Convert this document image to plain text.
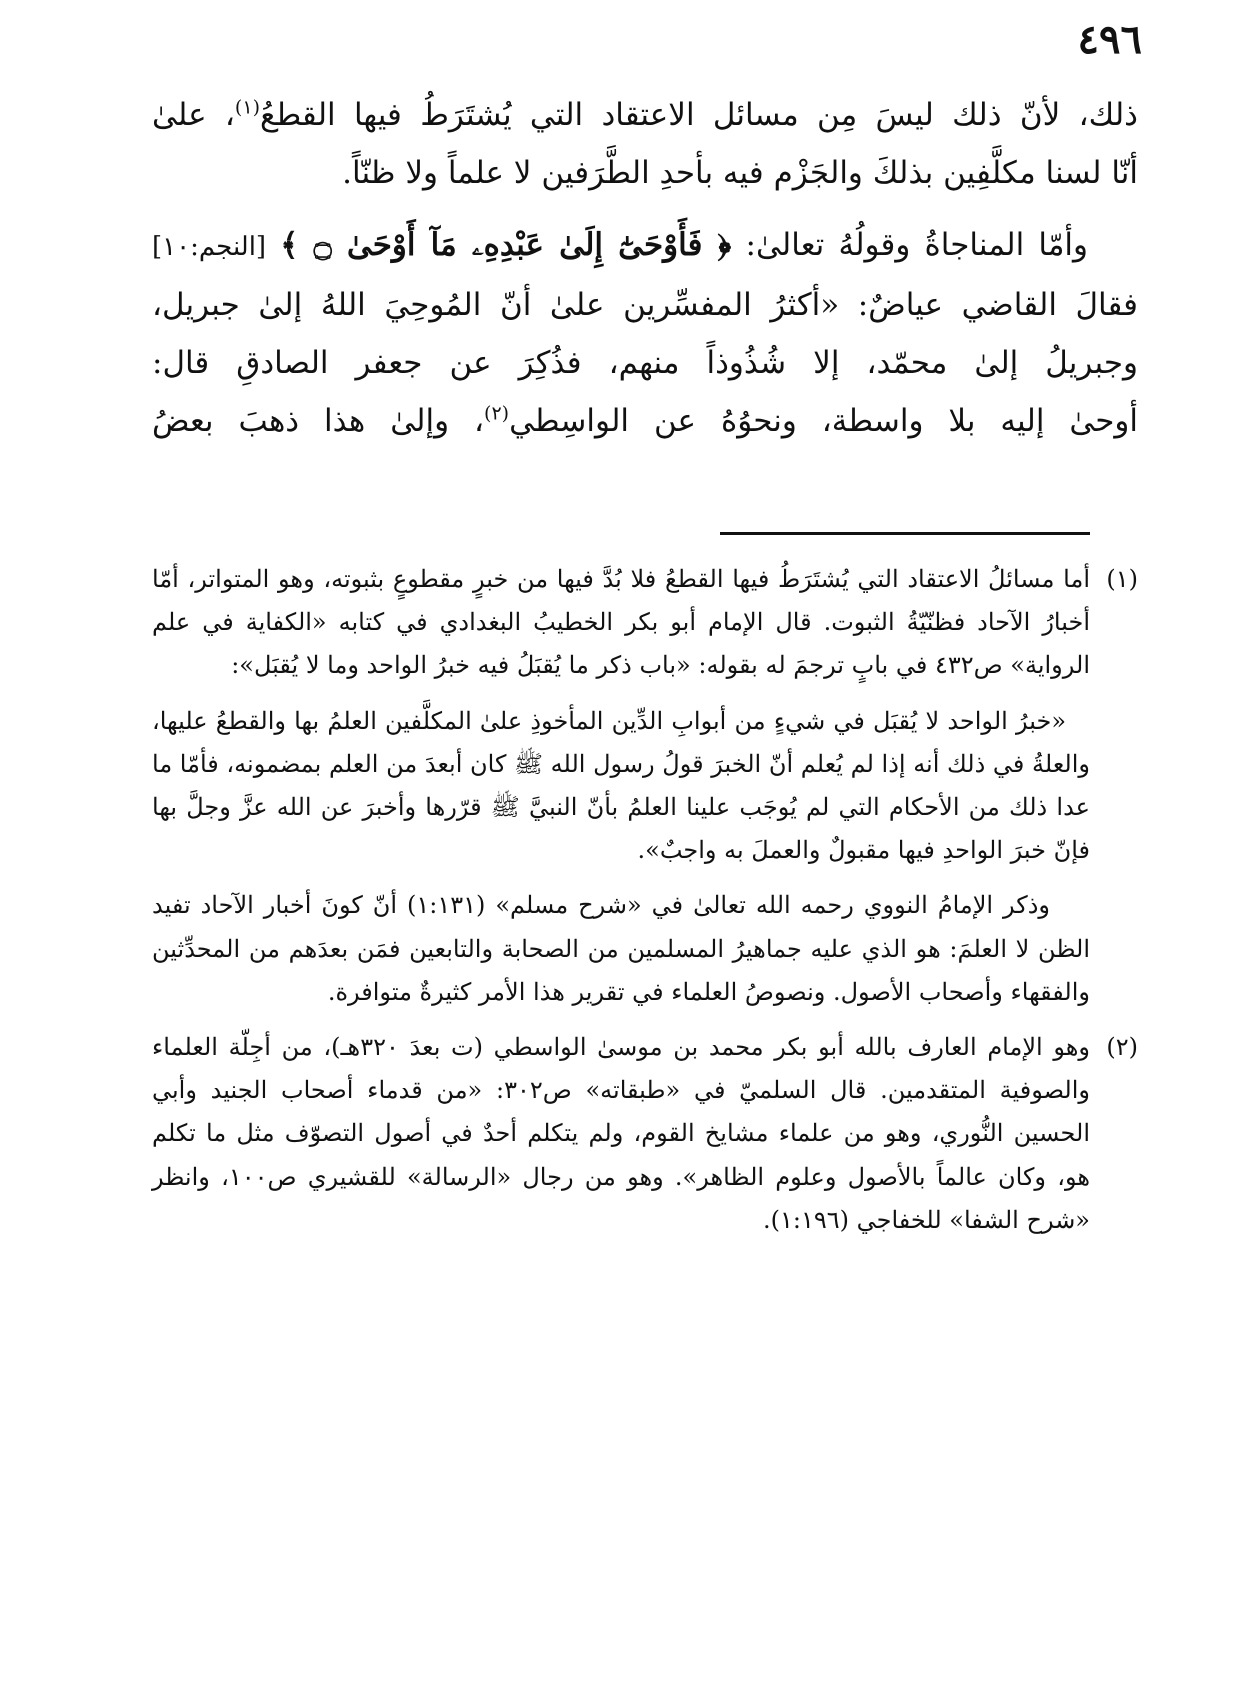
٤٩٦

ذلك، لأنّ ذلك ليسَ مِن مسائل الاعتقاد التي يُشتَرَطُ فيها القطعُ$^{(١)}$، علىٰ

أنّا لسنا مكلَّفِين بذلكَ والجَزْم فيه بأحدِ الطَّرَفين لا علماً ولا ظنّاً.

وأمّا المناجاةُ وقولُهُ تعالىٰ: ﴿ فَأَوْحَىٰٓ إِلَىٰ عَبْدِهِۦ مَآ أَوْحَىٰ ۝ ﴾ [النجم:١٠]

فقالَ القاضي عياضٌ: «أكثرُ المفسِّرين علىٰ أنّ المُوحِيَ اللهُ إلىٰ جبريل،

وجبريلُ إلىٰ محمّد، إلا شُذُوذاً منهم، فذُكِرَ عن جعفر الصادقِ قال:

أوحىٰ إليه بلا واسطة، ونحوُهُ عن الواسِطي$^{(٢)}$، وإلىٰ هذا ذهبَ بعضُ

(١)
أما مسائلُ الاعتقاد التي يُشتَرَطُ فيها القطعُ فلا بُدَّ فيها من خبرٍ مقطوعٍ بثبوته، وهو المتواتر، أمّا أخبارُ الآحاد فظنّيّةُ الثبوت. قال الإمام أبو بكر الخطيبُ البغدادي في كتابه «الكفاية في علم الرواية» ص٤٣٢ في بابٍ ترجمَ له بقوله: «باب ذكر ما يُقبَلُ فيه خبرُ الواحد وما لا يُقبَل»:

«خبرُ الواحد لا يُقبَل في شيءٍ من أبوابِ الدِّين المأخوذِ علىٰ المكلَّفين العلمُ بها والقطعُ عليها، والعلةُ في ذلك أنه إذا لم يُعلم أنّ الخبرَ قولُ رسول الله ﷺ كان أبعدَ من العلم بمضمونه، فأمّا ما عدا ذلك من الأحكام التي لم يُوجَب علينا العلمُ بأنّ النبيَّ ﷺ قرّرها وأخبرَ عن الله عزَّ وجلَّ بها فإنّ خبرَ الواحدِ فيها مقبولٌ والعملَ به واجبٌ».

وذكر الإمامُ النووي رحمه الله تعالىٰ في «شرح مسلم» (١:١٣١) أنّ كونَ أخبار الآحاد تفيد الظن لا العلمَ: هو الذي عليه جماهيرُ المسلمين من الصحابة والتابعين فمَن بعدَهم من المحدِّثين والفقهاء وأصحاب الأصول. ونصوصُ العلماء في تقرير هذا الأمر كثيرةٌ متوافرة.

(٢)
وهو الإمام العارف بالله أبو بكر محمد بن موسىٰ الواسطي (ت بعدَ ٣٢٠هـ)، من أجِلّة العلماء والصوفية المتقدمين. قال السلميّ في «طبقاته» ص٣٠٢: «من قدماء أصحاب الجنيد وأبي الحسين النُّوري، وهو من علماء مشايخ القوم، ولم يتكلم أحدٌ في أصول التصوّف مثل ما تكلم هو، وكان عالماً بالأصول وعلوم الظاهر». وهو من رجال «الرسالة» للقشيري ص١٠٠، وانظر «شرح الشفا» للخفاجي (١:١٩٦).
